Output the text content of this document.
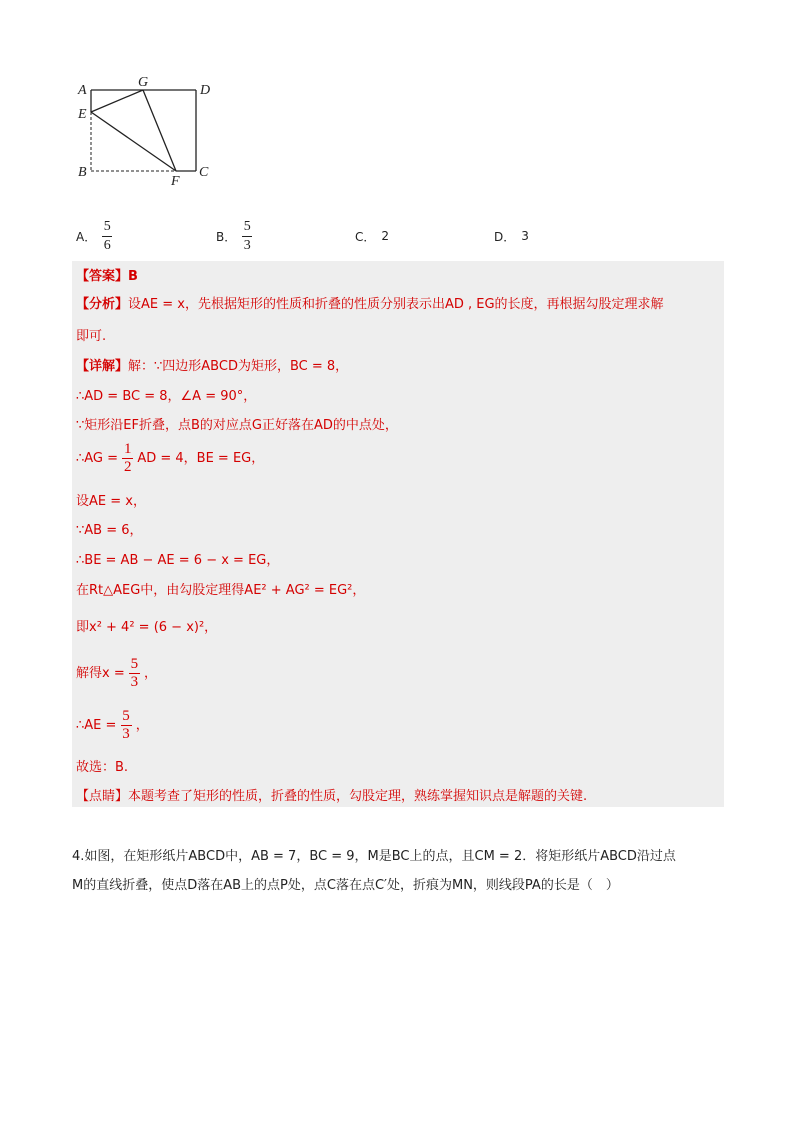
A
G
D
E
B
F
C
A． $\frac{5}{6}$	B． $\frac{5}{3}$	C． 2	D． 3
【答案】B
【分析】设AE = x，先根据矩形的性质和折叠的性质分别表示出AD , EG的长度，再根据勾股定理求解
即可.
【详解】解：∵四边形ABCD为矩形，BC = 8，
∴AD = BC = 8，∠A = 90°，
∵矩形沿EF折叠，点B的对应点G正好落在AD的中点处，
∴AG = $\frac{1}{2}$ AD = 4，BE = EG，
设AE = x，
∵AB = 6，
∴BE = AB − AE = 6 − x = EG，
在Rt△AEG中，由勾股定理得AE² + AG² = EG²，
即x² + 4² = (6 − x)²，
解得$x = \frac{5}{3}$ ，
∴AE = $\frac{5}{3}$ ，
故选：B.
【点睛】本题考查了矩形的性质，折叠的性质，勾股定理，熟练掌握知识点是解题的关键.
4.如图，在矩形纸片ABCD中，AB = 7，BC = 9，M是BC上的点，且CM = 2．将矩形纸片ABCD沿过点
M的直线折叠，使点D落在AB上的点P处，点C落在点C′处，折痕为MN，则线段PA的长是（　）
